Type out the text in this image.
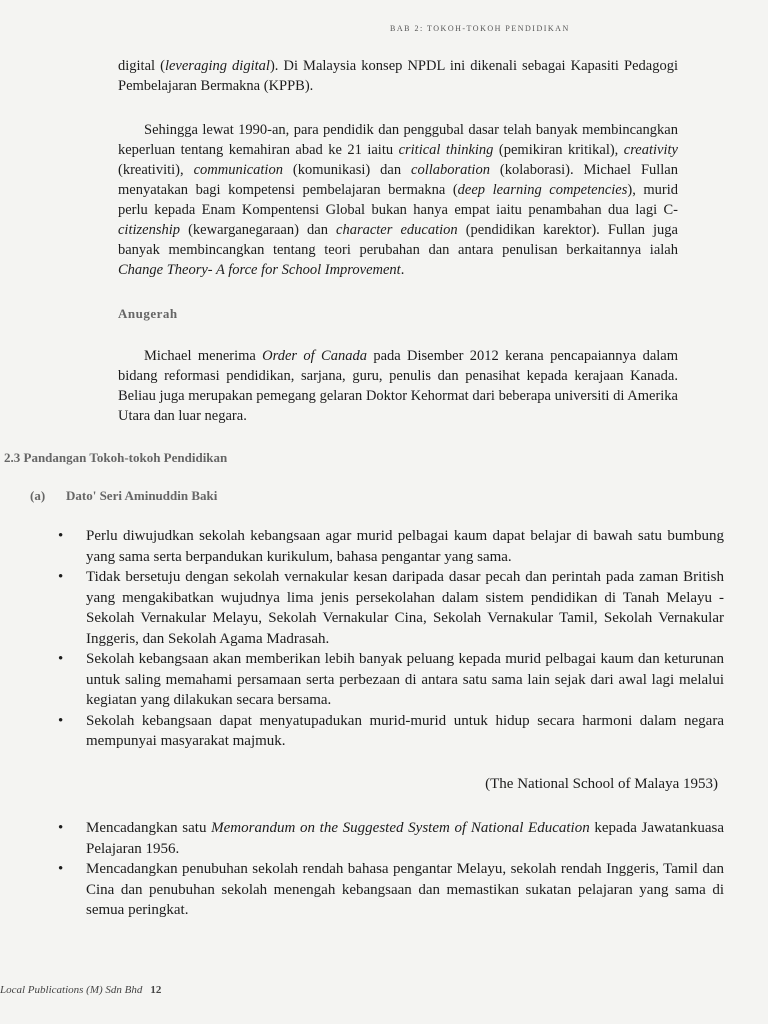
BAB 2: TOKOH-TOKOH PENDIDIKAN

digital (leveraging digital). Di Malaysia konsep NPDL ini dikenali sebagai Kapasiti Pedagogi Pembelajaran Bermakna (KPPB).

Sehingga lewat 1990-an, para pendidik dan penggubal dasar telah banyak membincangkan keperluan tentang kemahiran abad ke 21 iaitu critical thinking (pemikiran kritikal), creativity (kreativiti), communication (komunikasi) dan collaboration (kolaborasi). Michael Fullan menyatakan bagi kompetensi pembelajaran bermakna (deep learning competencies), murid perlu kepada Enam Kompentensi Global bukan hanya empat iaitu penambahan dua lagi C-citizenship (kewarganegaraan) dan character education (pendidikan karektor). Fullan juga banyak membincangkan tentang teori perubahan dan antara penulisan berkaitannya ialah Change Theory- A force for School Improvement.

Anugerah

Michael menerima Order of Canada pada Disember 2012 kerana pencapaiannya dalam bidang reformasi pendidikan, sarjana, guru, penulis dan penasihat kepada kerajaan Kanada. Beliau juga merupakan pemegang gelaran Doktor Kehormat dari beberapa universiti di Amerika Utara dan luar negara.

2.3 Pandangan Tokoh-tokoh Pendidikan
(a) Dato' Seri Aminuddin Baki
• Perlu diwujudkan sekolah kebangsaan agar murid pelbagai kaum dapat belajar di bawah satu bumbung yang sama serta berpandukan kurikulum, bahasa pengantar yang sama.
• Tidak bersetuju dengan sekolah vernakular kesan daripada dasar pecah dan perintah pada zaman British yang mengakibatkan wujudnya lima jenis persekolahan dalam sistem pendidikan di Tanah Melayu - Sekolah Vernakular Melayu, Sekolah Vernakular Cina, Sekolah Vernakular Tamil, Sekolah Vernakular Inggeris, dan Sekolah Agama Madrasah.
• Sekolah kebangsaan akan memberikan lebih banyak peluang kepada murid pelbagai kaum dan keturunan untuk saling memahami persamaan serta perbezaan di antara satu sama lain sejak dari awal lagi melalui kegiatan yang dilakukan secara bersama.
• Sekolah kebangsaan dapat menyatupadukan murid-murid untuk hidup secara harmoni dalam negara mempunyai masyarakat majmuk.

(The National School of Malaya 1953)

• Mencadangkan satu Memorandum on the Suggested System of National Education kepada Jawatankuasa Pelajaran 1956.
• Mencadangkan penubuhan sekolah rendah bahasa pengantar Melayu, sekolah rendah Inggeris, Tamil dan Cina dan penubuhan sekolah menengah kebangsaan dan memastikan sukatan pelajaran yang sama di semua peringkat.
Local Publications (M) Sdn Bhd 12
